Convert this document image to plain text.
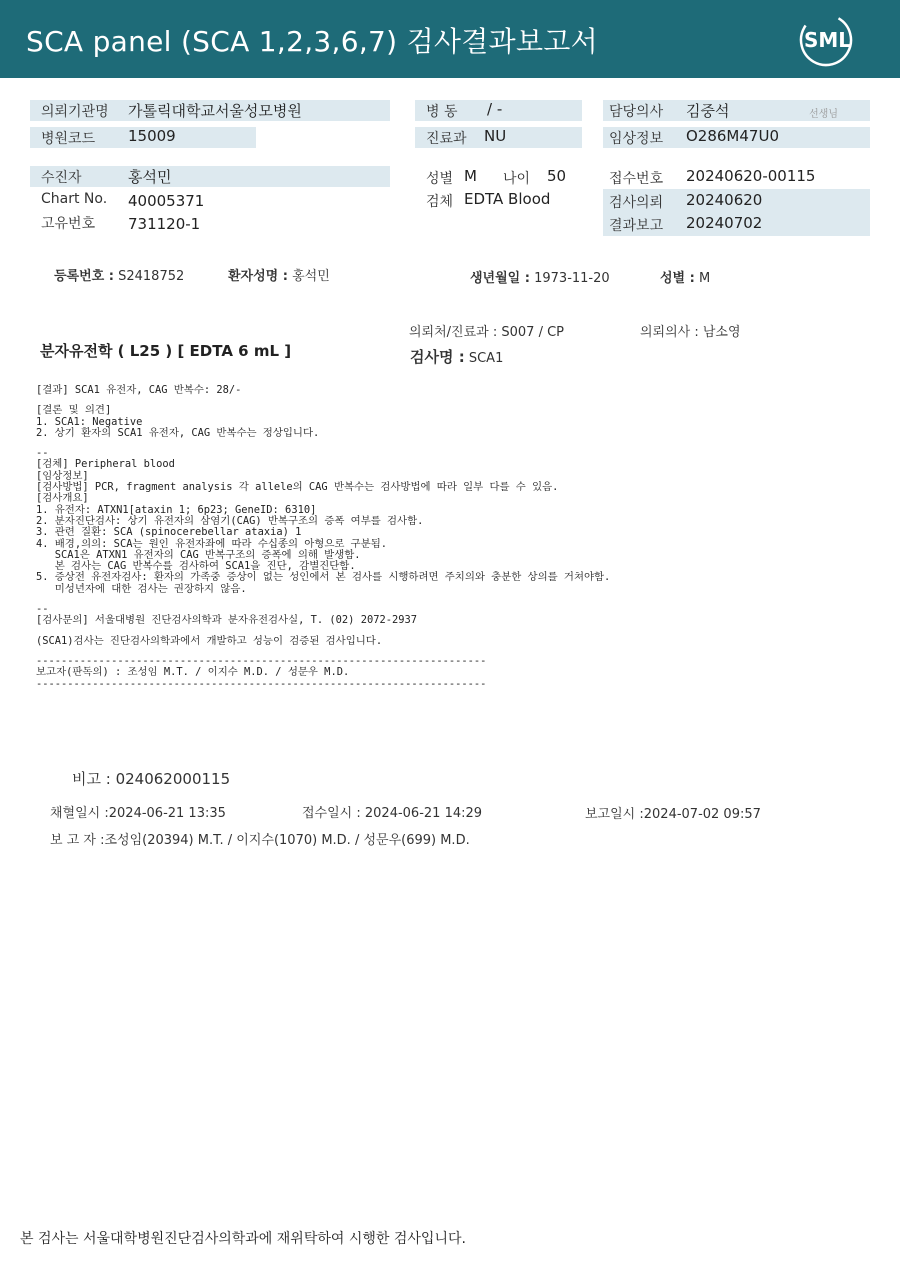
SCA panel (SCA 1,2,3,6,7) 검사결과보고서	SML
의뢰기관명 가톨릭대학교서울성모병원
병원코드 15009
병 동 / -
진료과 NU
담당의사 김중석	선생님
임상정보 O286M47U0
수진자	홍석민
Chart No. 40005371
고유번호 731120-1
성별 M 나이 50
검체 EDTA Blood
접수번호 20240620-00115
검사의뢰 20240620
결과보고 20240702
등록번호 : S2418752	환자성명 : 홍석민	생년월일 : 1973-11-20	성별 : M
의뢰처/진료과 : S007 / CP	의뢰의사 : 남소영
분자유전학 ( L25 ) [ EDTA 6 mL ]	검사명 : SCA1
[결과] SCA1 유전자, CAG 반복수: 28/-
[결론 및 의견]
1. SCA1: Negative
2. 상기 환자의 SCA1 유전자, CAG 반복수는 정상입니다.
--
[검체] Peripheral blood
[임상정보]
[검사방법] PCR, fragment analysis 각 allele의 CAG 반복수는 검사방법에 따라 일부 다를 수 있음.
[검사개요]
1. 유전자: ATXN1[ataxin 1; 6p23; GeneID: 6310]
2. 분자진단검사: 상기 유전자의 삼염기(CAG) 반복구조의 증폭 여부를 검사함.
3. 관련 질환: SCA (spinocerebellar ataxia) 1
4. 배경,의의: SCA는 원인 유전자좌에 따라 수십종의 아형으로 구분됨.
SCA1은 ATXN1 유전자의 CAG 반복구조의 증폭에 의해 발생함.
본 검사는 CAG 반복수를 검사하여 SCA1을 진단, 감별진단함.
5. 증상전 유전자검사: 환자의 가족중 증상이 없는 성인에서 본 검사를 시행하려면 주치의와 충분한 상의를 거쳐야함.
미성년자에 대한 검사는 권장하지 않음.
--
[검사문의] 서울대병원 진단검사의학과 분자유전검사실, T. (02) 2072-2937
(SCA1)검사는 진단검사의학과에서 개발하고 성능이 검증된 검사입니다.
------------------------------------------------------------------------
보고자(판독의) : 조성임 M.T. / 이지수 M.D. / 성문우 M.D.
------------------------------------------------------------------------
비고 : 024062000115
채혈일시 :2024-06-21 13:35	접수일시 : 2024-06-21 14:29	보고일시 :2024-07-02 09:57
보 고 자 :조성임(20394) M.T. / 이지수(1070) M.D. / 성문우(699) M.D.
본 검사는 서울대학병원진단검사의학과에 재위탁하여 시행한 검사입니다.
